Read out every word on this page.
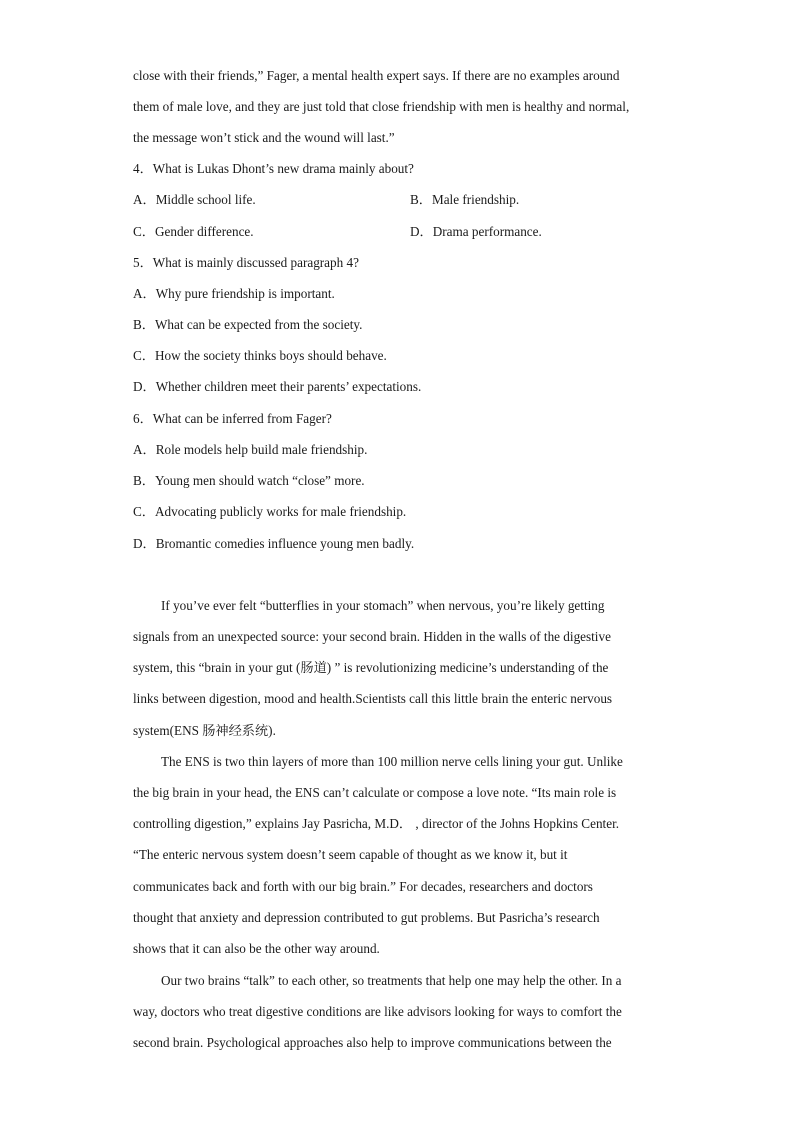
close with their friends,” Fager, a mental health expert says. If there are no examples around
them of male love, and they are just told that close friendship with men is healthy and normal,
the message won’t stick and the wound will last.”
4．What is Lukas Dhont’s new drama mainly about?
A．Middle school life.	B．Male friendship.
C．Gender difference.	D．Drama performance.
5．What is mainly discussed paragraph 4?
A．Why pure friendship is important.
B．What can be expected from the society.
C．How the society thinks boys should behave.
D．Whether children meet their parents’ expectations.
6．What can be inferred from Fager?
A．Role models help build male friendship.
B．Young men should watch “close” more.
C．Advocating publicly works for male friendship.
D．Bromantic comedies influence young men badly.
If you’ve ever felt “butterflies in your stomach” when nervous, you’re likely getting
signals from an unexpected source: your second brain. Hidden in the walls of the digestive
system, this “brain in your gut (肠道) ” is revolutionizing medicine’s understanding of the
links between digestion, mood and health.Scientists call this little brain the enteric nervous
system(ENS 肠神经系统).
The ENS is two thin layers of more than 100 million nerve cells lining your gut. Unlike
the big brain in your head, the ENS can’t calculate or compose a love note. “Its main role is
controlling digestion,” explains Jay Pasricha, M.D． , director of the Johns Hopkins Center.
“The enteric nervous system doesn’t seem capable of thought as we know it, but it
communicates back and forth with our big brain.” For decades, researchers and doctors
thought that anxiety and depression contributed to gut problems. But Pasricha’s research
shows that it can also be the other way around.
Our two brains “talk” to each other, so treatments that help one may help the other. In a
way, doctors who treat digestive conditions are like advisors looking for ways to comfort the
second brain. Psychological approaches also help to improve communications between the
